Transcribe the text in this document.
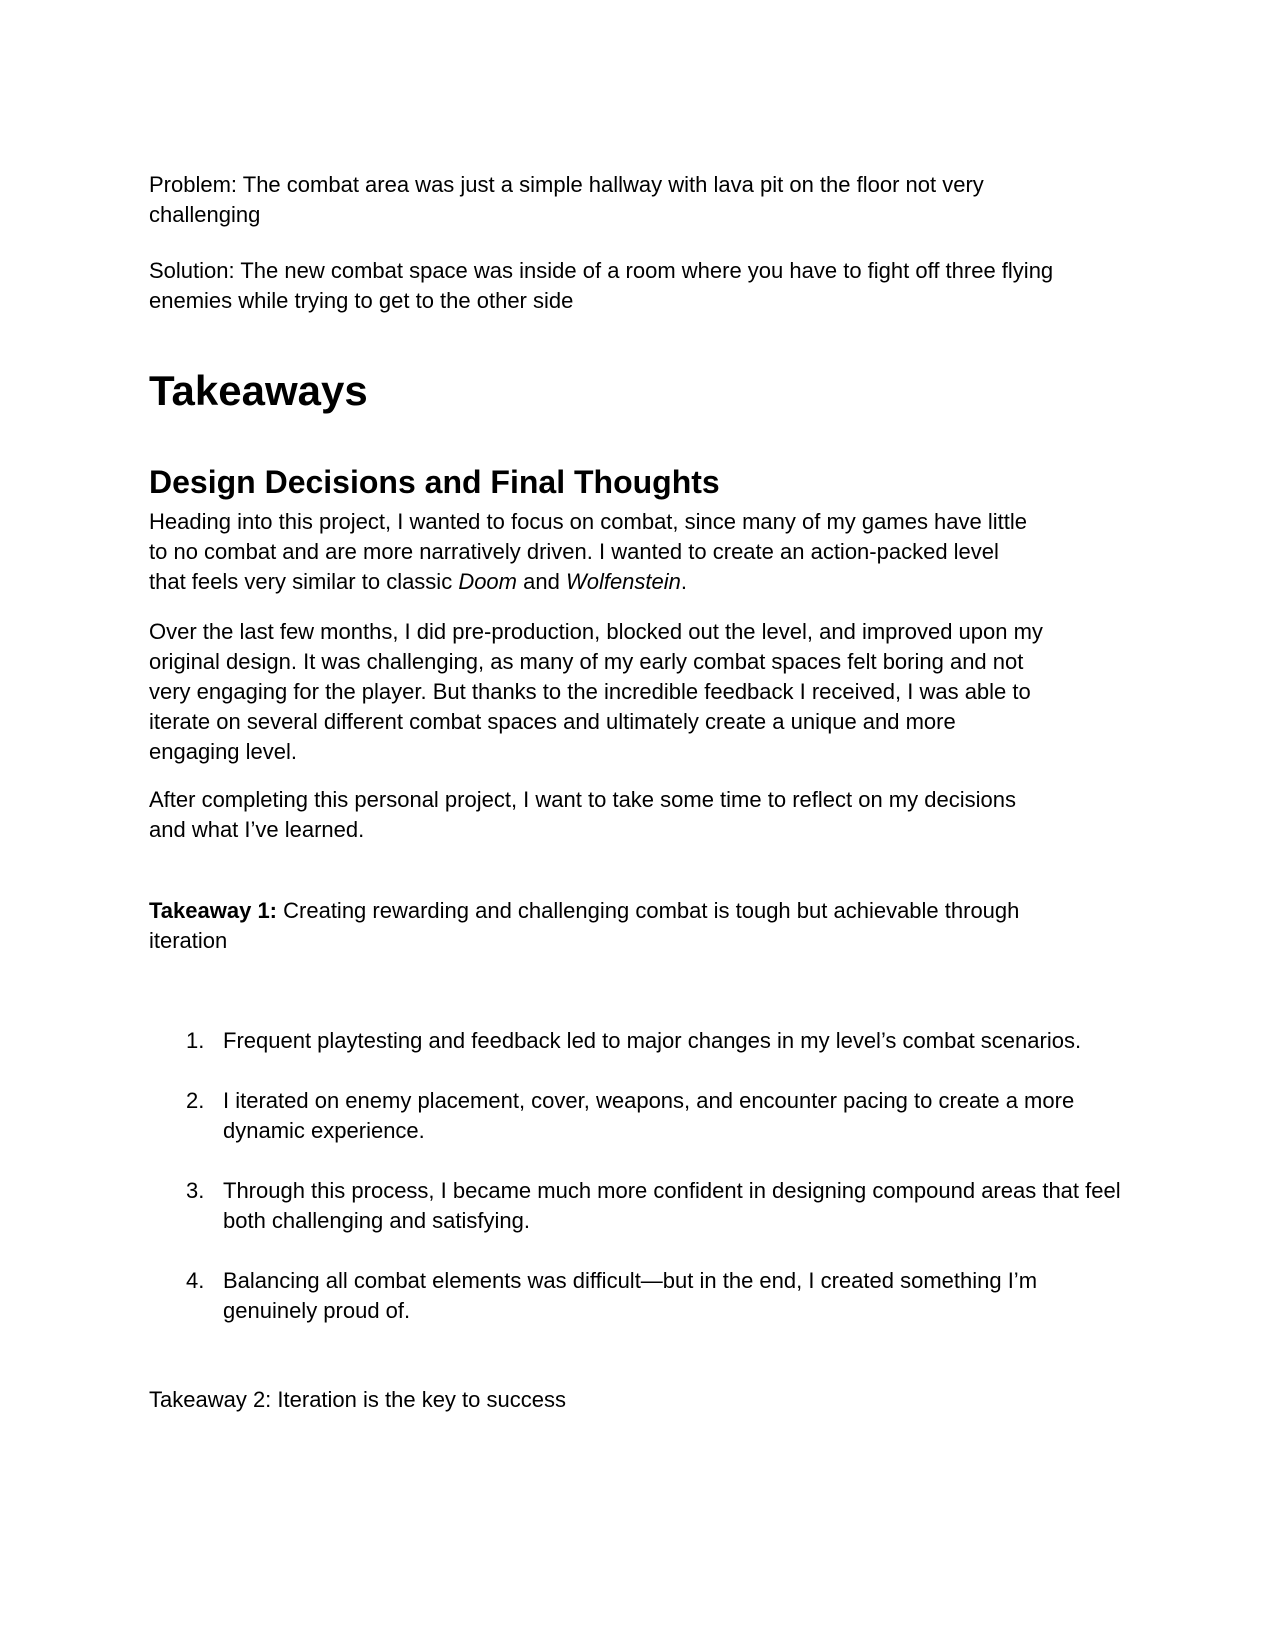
Problem: The combat area was just a simple hallway with lava pit on the floor not very challenging

Solution: The new combat space was inside of a room where you have to fight off three flying enemies while trying to get to the other side

Takeaways
Design Decisions and Final Thoughts

Heading into this project, I wanted to focus on combat, since many of my games have little to no combat and are more narratively driven. I wanted to create an action-packed level that feels very similar to classic Doom and Wolfenstein.

Over the last few months, I did pre-production, blocked out the level, and improved upon my original design. It was challenging, as many of my early combat spaces felt boring and not very engaging for the player. But thanks to the incredible feedback I received, I was able to iterate on several different combat spaces and ultimately create a unique and more engaging level.

After completing this personal project, I want to take some time to reflect on my decisions and what I’ve learned.

Takeaway 1: Creating rewarding and challenging combat is tough but achievable through iteration

1. Frequent playtesting and feedback led to major changes in my level’s combat scenarios.
2. I iterated on enemy placement, cover, weapons, and encounter pacing to create a more dynamic experience.
3. Through this process, I became much more confident in designing compound areas that feel both challenging and satisfying.
4. Balancing all combat elements was difficult—but in the end, I created something I’m genuinely proud of.

Takeaway 2: Iteration is the key to success
